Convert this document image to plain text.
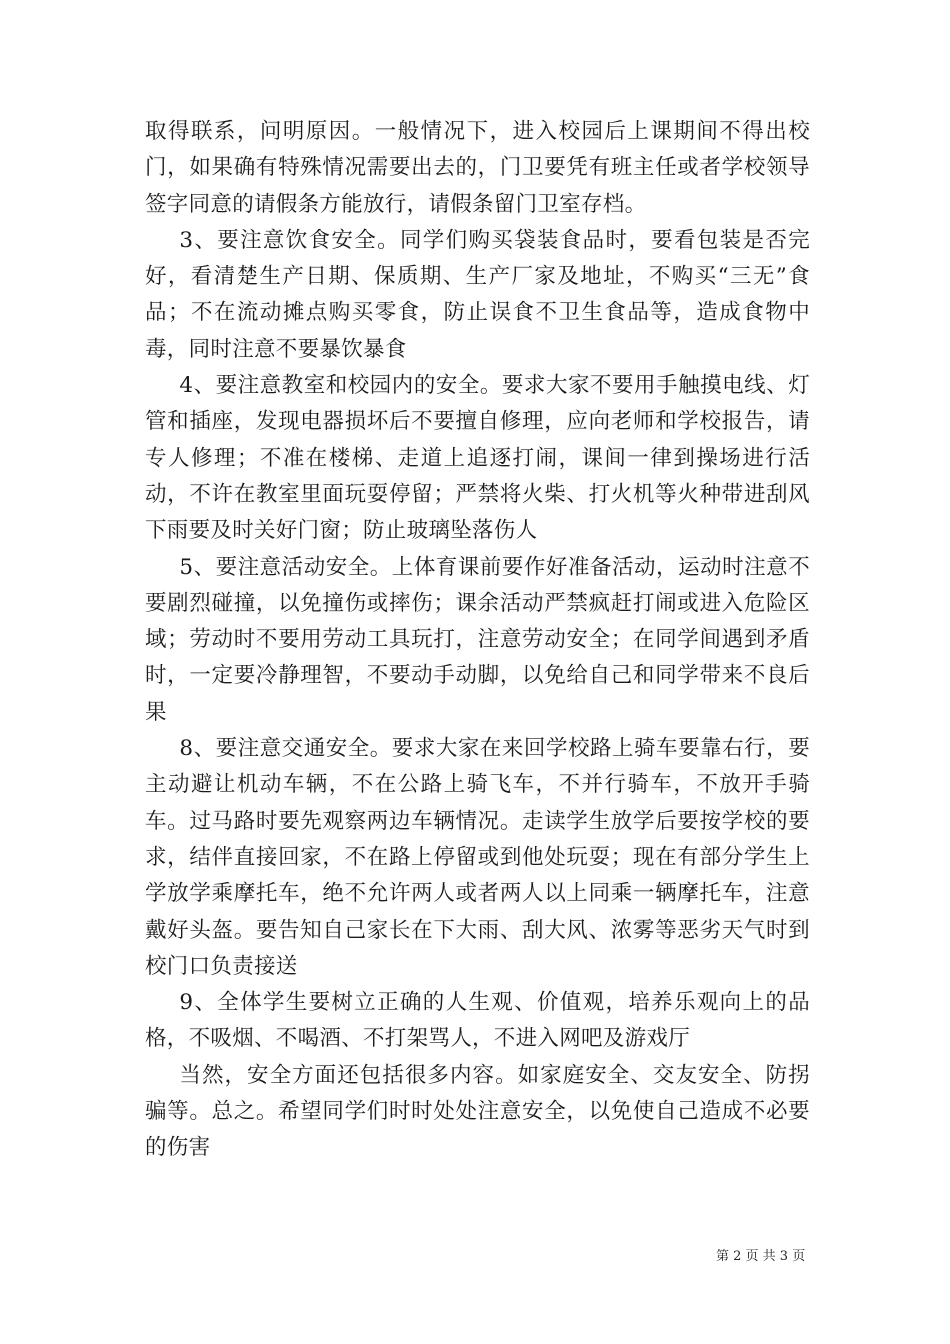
取得联系，问明原因。一般情况下，进入校园后上课期间不得出校门，如果确有特殊情况需要出去的，门卫要凭有班主任或者学校领导签字同意的请假条方能放行，请假条留门卫室存档。

3、要注意饮食安全。同学们购买袋装食品时，要看包装是否完好，看清楚生产日期、保质期、生产厂家及地址，不购买“三无”食品；不在流动摊点购买零食，防止误食不卫生食品等，造成食物中毒，同时注意不要暴饮暴食

4、要注意教室和校园内的安全。要求大家不要用手触摸电线、灯管和插座，发现电器损坏后不要擅自修理，应向老师和学校报告，请专人修理；不准在楼梯、走道上追逐打闹，课间一律到操场进行活动，不许在教室里面玩耍停留；严禁将火柴、打火机等火种带进刮风下雨要及时关好门窗；防止玻璃坠落伤人

5、要注意活动安全。上体育课前要作好准备活动，运动时注意不要剧烈碰撞，以免撞伤或摔伤；课余活动严禁疯赶打闹或进入危险区域；劳动时不要用劳动工具玩打，注意劳动安全；在同学间遇到矛盾时，一定要冷静理智，不要动手动脚，以免给自己和同学带来不良后果

8、要注意交通安全。要求大家在来回学校路上骑车要靠右行，要主动避让机动车辆，不在公路上骑飞车，不并行骑车，不放开手骑车。过马路时要先观察两边车辆情况。走读学生放学后要按学校的要求，结伴直接回家，不在路上停留或到他处玩耍；现在有部分学生上学放学乘摩托车，绝不允许两人或者两人以上同乘一辆摩托车，注意戴好头盔。要告知自己家长在下大雨、刮大风、浓雾等恶劣天气时到校门口负责接送

9、全体学生要树立正确的人生观、价值观，培养乐观向上的品格，不吸烟、不喝酒、不打架骂人，不进入网吧及游戏厅

当然，安全方面还包括很多内容。如家庭安全、交友安全、防拐骗等。总之。希望同学们时时处处注意安全，以免使自己造成不必要的伤害

第 2 页 共 3 页
